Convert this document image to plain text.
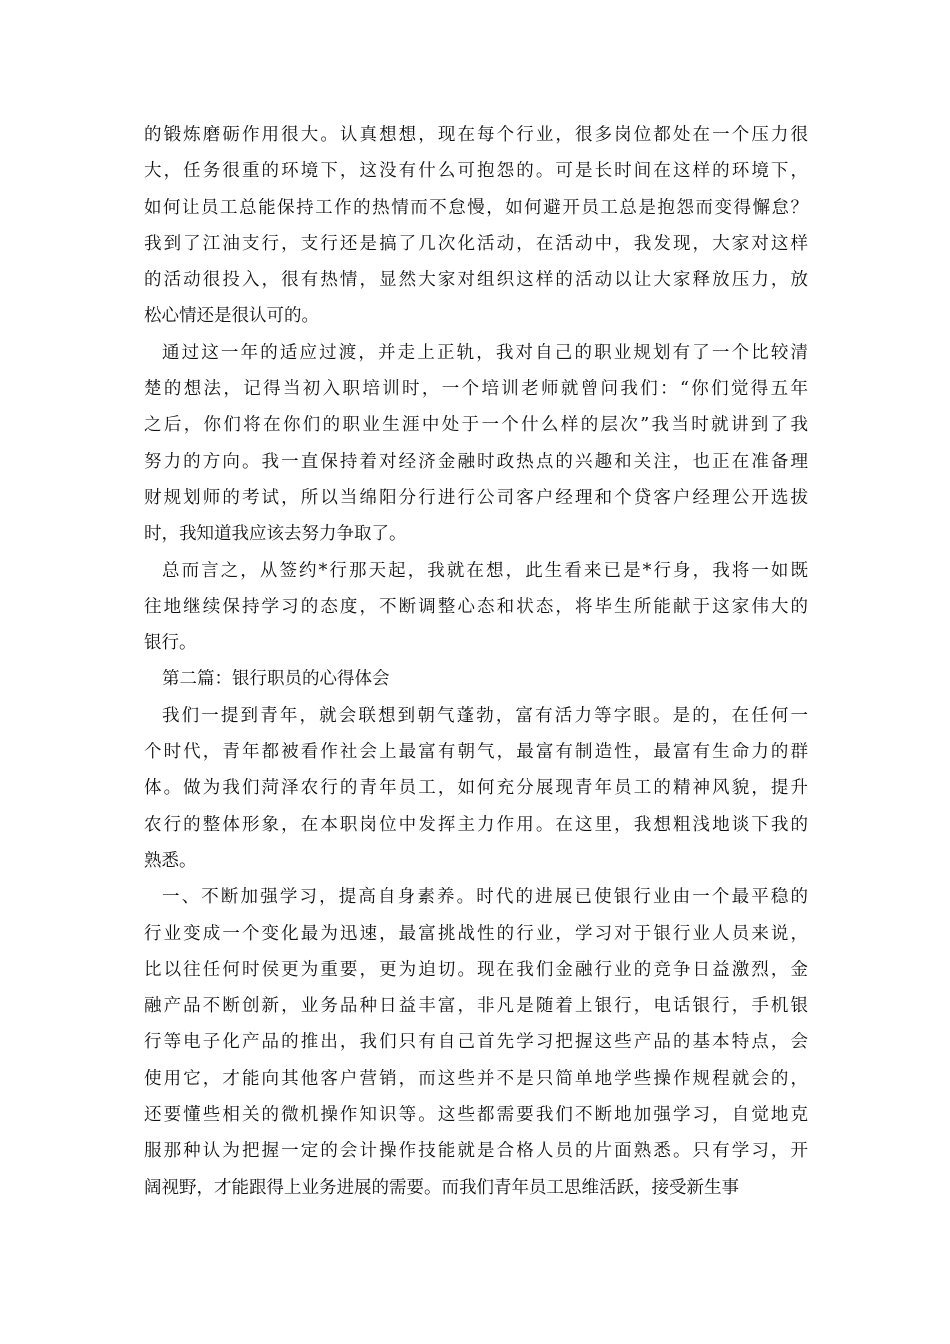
的锻炼磨砺作用很大。认真想想，现在每个行业，很多岗位都处在一个压力很
大，任务很重的环境下，这没有什么可抱怨的。可是长时间在这样的环境下，
如何让员工总能保持工作的热情而不怠慢，如何避开员工总是抱怨而变得懈怠？
我到了江油支行，支行还是搞了几次化活动，在活动中，我发现，大家对这样
的活动很投入，很有热情，显然大家对组织这样的活动以让大家释放压力，放
松心情还是很认可的。
通过这一年的适应过渡，并走上正轨，我对自己的职业规划有了一个比较清
楚的想法，记得当初入职培训时，一个培训老师就曾问我们：“你们觉得五年
之后，你们将在你们的职业生涯中处于一个什么样的层次”我当时就讲到了我
努力的方向。我一直保持着对经济金融时政热点的兴趣和关注，也正在准备理
财规划师的考试，所以当绵阳分行进行公司客户经理和个贷客户经理公开选拔
时，我知道我应该去努力争取了。
总而言之，从签约*行那天起，我就在想，此生看来已是*行身，我将一如既
往地继续保持学习的态度，不断调整心态和状态，将毕生所能献于这家伟大的
银行。
第二篇：银行职员的心得体会
我们一提到青年，就会联想到朝气蓬勃，富有活力等字眼。是的，在任何一
个时代，青年都被看作社会上最富有朝气，最富有制造性，最富有生命力的群
体。做为我们菏泽农行的青年员工，如何充分展现青年员工的精神风貌，提升
农行的整体形象，在本职岗位中发挥主力作用。在这里，我想粗浅地谈下我的
熟悉。
一、不断加强学习，提高自身素养。时代的进展已使银行业由一个最平稳的
行业变成一个变化最为迅速，最富挑战性的行业，学习对于银行业人员来说，
比以往任何时侯更为重要，更为迫切。现在我们金融行业的竞争日益激烈，金
融产品不断创新，业务品种日益丰富，非凡是随着上银行，电话银行，手机银
行等电子化产品的推出，我们只有自己首先学习把握这些产品的基本特点，会
使用它，才能向其他客户营销，而这些并不是只简单地学些操作规程就会的，
还要懂些相关的微机操作知识等。这些都需要我们不断地加强学习，自觉地克
服那种认为把握一定的会计操作技能就是合格人员的片面熟悉。只有学习，开
阔视野，才能跟得上业务进展的需要。而我们青年员工思维活跃，接受新生事
